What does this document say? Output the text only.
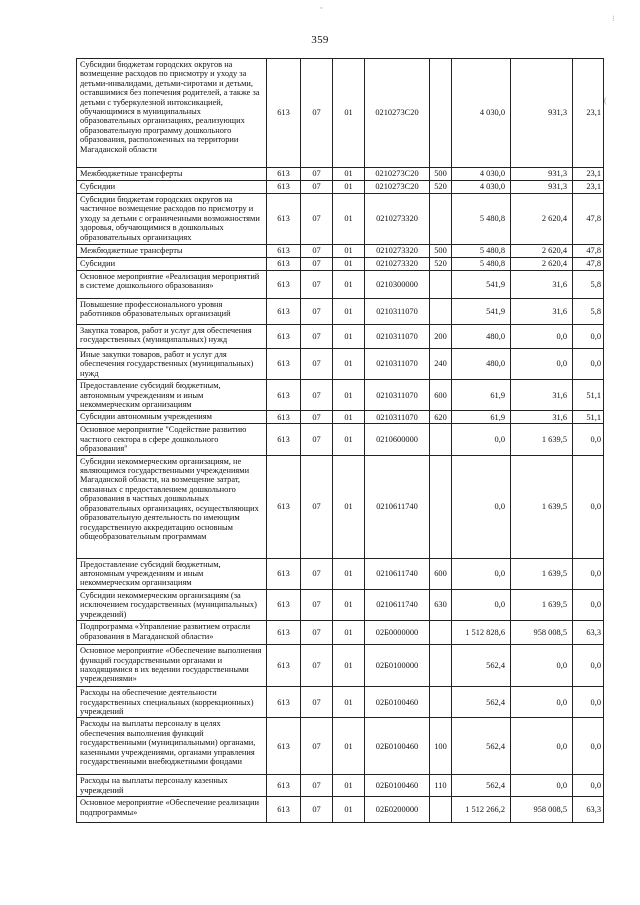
359
Субсидии бюджетам городских округов на возмещение расходов по присмотру и уходу за детьми-инвалидами, детьми-сиротами и детьми, оставшимися без попечения родителей, а также за детьми с туберкулезной интоксикацией, обучающимися в муниципальных образовательных организациях, реализующих образовательную программу дошкольного образования, расположенных на территории Магаданской области	613	07	01	0210273С20		4 030,0	931,3	23,1
Межбюджетные трансферты	613	07	01	0210273С20	500	4 030,0	931,3	23,1
Субсидии	613	07	01	0210273С20	520	4 030,0	931,3	23,1
Субсидии бюджетам городских округов на частичное возмещение расходов по присмотру и уходу за детьми с ограниченными возможностями здоровья, обучающимися в дошкольных образовательных организациях	613	07	01	0210273320		5 480,8	2 620,4	47,8
Межбюджетные трансферты	613	07	01	0210273320	500	5 480,8	2 620,4	47,8
Субсидии	613	07	01	0210273320	520	5 480,8	2 620,4	47,8
Основное мероприятие «Реализация мероприятий в системе дошкольного образования»	613	07	01	0210300000		541,9	31,6	5,8
Повышение профессионального уровня работников образовательных организаций	613	07	01	0210311070		541,9	31,6	5,8
Закупка товаров, работ и услуг для обеспечения государственных (муниципальных) нужд	613	07	01	0210311070	200	480,0	0,0	0,0
Иные закупки товаров, работ и услуг для обеспечения государственных (муниципальных) нужд	613	07	01	0210311070	240	480,0	0,0	0,0
Предоставление субсидий бюджетным, автономным учреждениям и иным некоммерческим организациям	613	07	01	0210311070	600	61,9	31,6	51,1
Субсидии автономным учреждениям	613	07	01	0210311070	620	61,9	31,6	51,1
Основное мероприятие "Содействие развитию частного сектора в сфере дошкольного образования"	613	07	01	0210600000		0,0	1 639,5	0,0
Субсидии некоммерческим организациям, не являющимся государственными учреждениями Магаданской области, на возмещение затрат, связанных с предоставлением дошкольного образования в частных дошкольных образовательных организациях, осуществляющих образовательную деятельность по имеющим государственную аккредитацию основным общеобразовательным программам	613	07	01	0210611740		0,0	1 639,5	0,0
Предоставление субсидий бюджетным, автономным учреждениям и иным некоммерческим организациям	613	07	01	0210611740	600	0,0	1 639,5	0,0
Субсидии некоммерческим организациям (за исключением государственных (муниципальных) учреждений)	613	07	01	0210611740	630	0,0	1 639,5	0,0
Подпрограмма «Управление развитием отрасли образования в Магаданской области»	613	07	01	02Б0000000		1 512 828,6	958 008,5	63,3
Основное мероприятие «Обеспечение выполнения функций государственными органами и находящимися в их ведении государственными учреждениями»	613	07	01	02Б0100000		562,4	0,0	0,0
Расходы на обеспечение деятельности государственных специальных (коррекционных) учреждений	613	07	01	02Б0100460		562,4	0,0	0,0
Расходы на выплаты персоналу в целях обеспечения выполнения функций государственными (муниципальными) органами, казенными учреждениями, органами управления государственными внебюджетными фондами	613	07	01	02Б0100460	100	562,4	0,0	0,0
Расходы на выплаты персоналу казенных учреждений	613	07	01	02Б0100460	110	562,4	0,0	0,0
Основное мероприятие «Обеспечение реализации подпрограммы»	613	07	01	02Б0200000		1 512 266,2	958 008,5	63,3
ˇ
⁝
(
